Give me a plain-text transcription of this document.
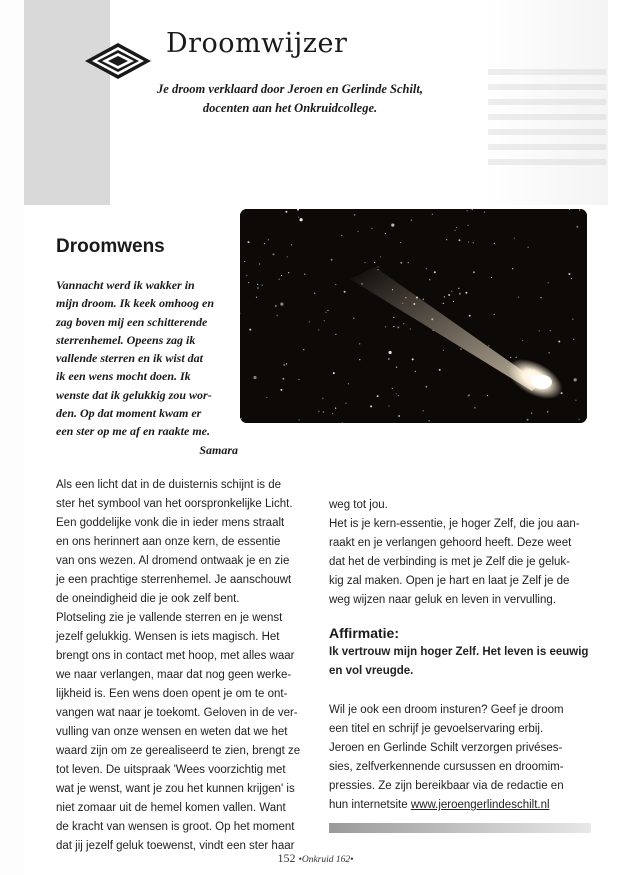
Droomwijzer
Je droom verklaard door Jeroen en Gerlinde Schilt,
docenten aan het Onkruidcollege.
Droomwens
Vannacht werd ik wakker in
mijn droom. Ik keek omhoog en
zag boven mij een schitterende
sterrenhemel. Opeens zag ik
vallende sterren en ik wist dat
ik een wens mocht doen. Ik
wenste dat ik gelukkig zou wor-
den. Op dat moment kwam er
een ster op me af en raakte me.
Samara
Als een licht dat in de duisternis schijnt is de
ster het symbool van het oorspronkelijke Licht.
Een goddelijke vonk die in ieder mens straalt
en ons herinnert aan onze kern, de essentie
van ons wezen. Al dromend ontwaak je en zie
je een prachtige sterrenhemel. Je aanschouwt
de oneindigheid die je ook zelf bent.
Plotseling zie je vallende sterren en je wenst
jezelf gelukkig. Wensen is iets magisch. Het
brengt ons in contact met hoop, met alles waar
we naar verlangen, maar dat nog geen werke-
lijkheid is. Een wens doen opent je om te ont-
vangen wat naar je toekomt. Geloven in de ver-
vulling van onze wensen en weten dat we het
waard zijn om ze gerealiseerd te zien, brengt ze
tot leven. De uitspraak 'Wees voorzichtig met
wat je wenst, want je zou het kunnen krijgen' is
niet zomaar uit de hemel komen vallen. Want
de kracht van wensen is groot. Op het moment
dat jij jezelf geluk toewenst, vindt een ster haar
weg tot jou.
Het is je kern-essentie, je hoger Zelf, die jou aan-
raakt en je verlangen gehoord heeft. Deze weet
dat het de verbinding is met je Zelf die je geluk-
kig zal maken. Open je hart en laat je Zelf je de
weg wijzen naar geluk en leven in vervulling.
Affirmatie:
Ik vertrouw mijn hoger Zelf. Het leven is eeuwig
en vol vreugde.
Wil je ook een droom insturen? Geef je droom
een titel en schrijf je gevoelservaring erbij.
Jeroen en Gerlinde Schilt verzorgen privéses-
sies, zelfverkennende cursussen en droomim-
pressies. Ze zijn bereikbaar via de redactie en
hun internetsite www.jeroengerlindeschilt.nl
152 •Onkruid 162•
